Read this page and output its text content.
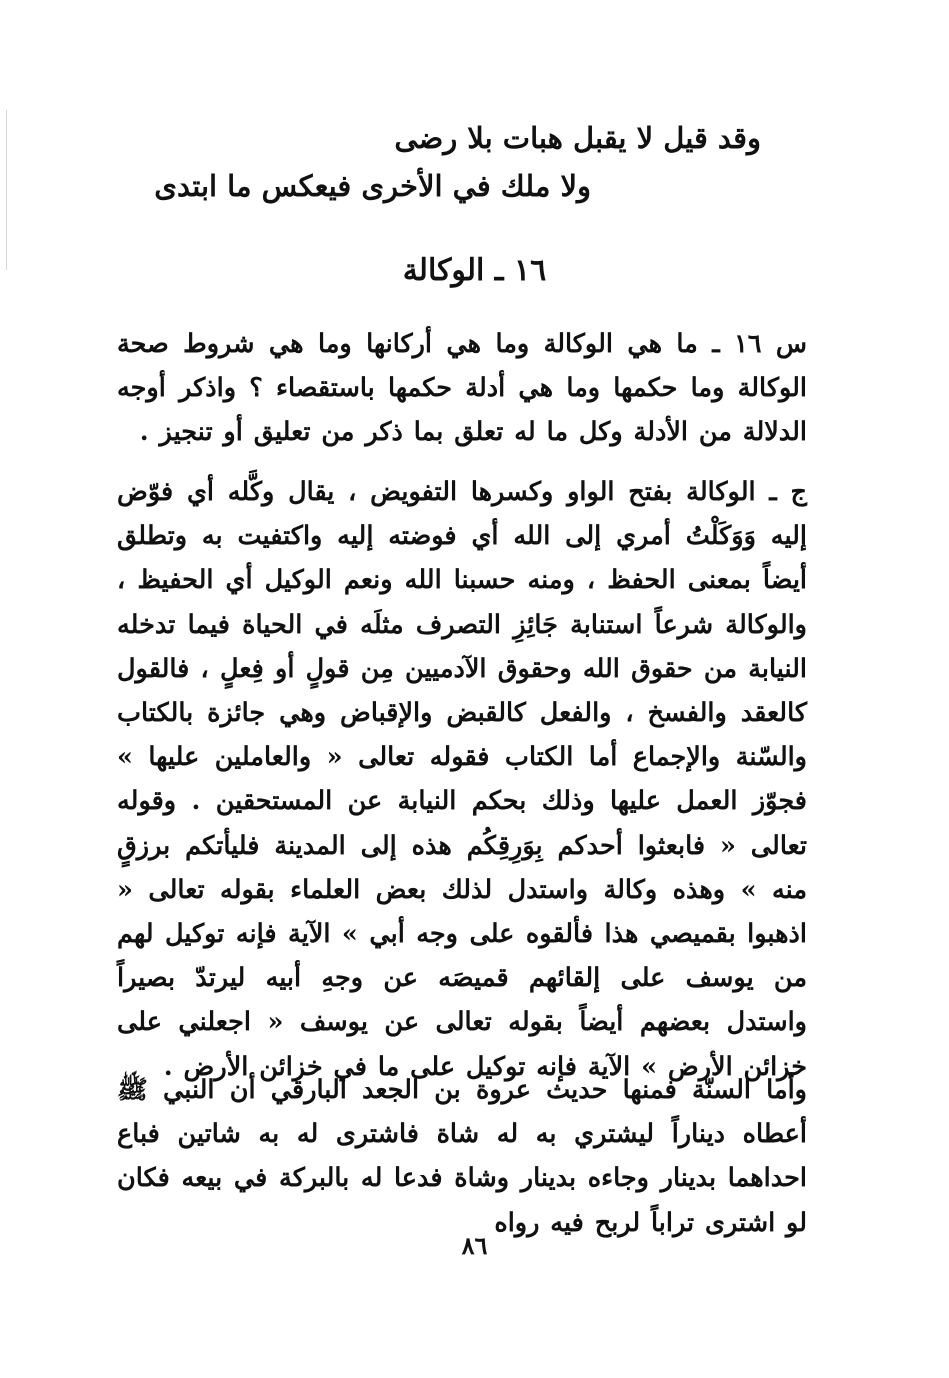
وقد قيل لا يقبل هبات بلا رضى
ولا ملك في الأخرى فيعكس ما ابتدى
١٦ ـ الوكالة

س ١٦ ـ ما هي الوكالة وما هي أركانها وما هي شروط صحة الوكالة وما حكمها وما هي أدلة حكمها باستقصاء ؟ واذكر أوجه الدلالة من الأدلة وكل ما له تعلق بما ذكر من تعليق أو تنجيز .

ج ـ الوكالة بفتح الواو وكسرها التفويض ، يقال وكَّله أي فوّض إليه وَوَكَلْتُ أمري إلى الله أي فوضته إليه واكتفيت به وتطلق أيضاً بمعنى الحفظ ، ومنه حسبنا الله ونعم الوكيل أي الحفيظ ، والوكالة شرعاً استنابة جَائِزِ التصرف مثلَه في الحياة فيما تدخله النيابة من حقوق الله وحقوق الآدميين مِن قولٍ أو فِعلٍ ، فالقول كالعقد والفسخ ، والفعل كالقبض والإقباض وهي جائزة بالكتاب والسّنة والإجماع أما الكتاب فقوله تعالى « والعاملين عليها » فجوّز العمل عليها وذلك بحكم النيابة عن المستحقين . وقوله تعالى « فابعثوا أحدكم بِوَرِقِكُم هذه إلى المدينة فليأتكم برزقٍ منه » وهذه وكالة واستدل لذلك بعض العلماء بقوله تعالى « اذهبوا بقميصي هذا فألقوه على وجه أبي » الآية فإنه توكيل لهم من يوسف على إلقائهم قميصَه عن وجهِ أبيه ليرتدّ بصيراً واستدل بعضهم أيضاً بقوله تعالى عن يوسف « اجعلني على خزائن الأرض » الآية فإنه توكيل على ما في خزائن الأرض .

وأما السنّة فمنها حديث عروة بن الجعد البارقي أن النبي ﷺ أعطاه ديناراً ليشتري به له شاة فاشترى له به شاتين فباع احداهما بدينار وجاءه بدينار وشاة فدعا له بالبركة في بيعه فكان لو اشترى تراباً لربح فيه رواه

٨٦
